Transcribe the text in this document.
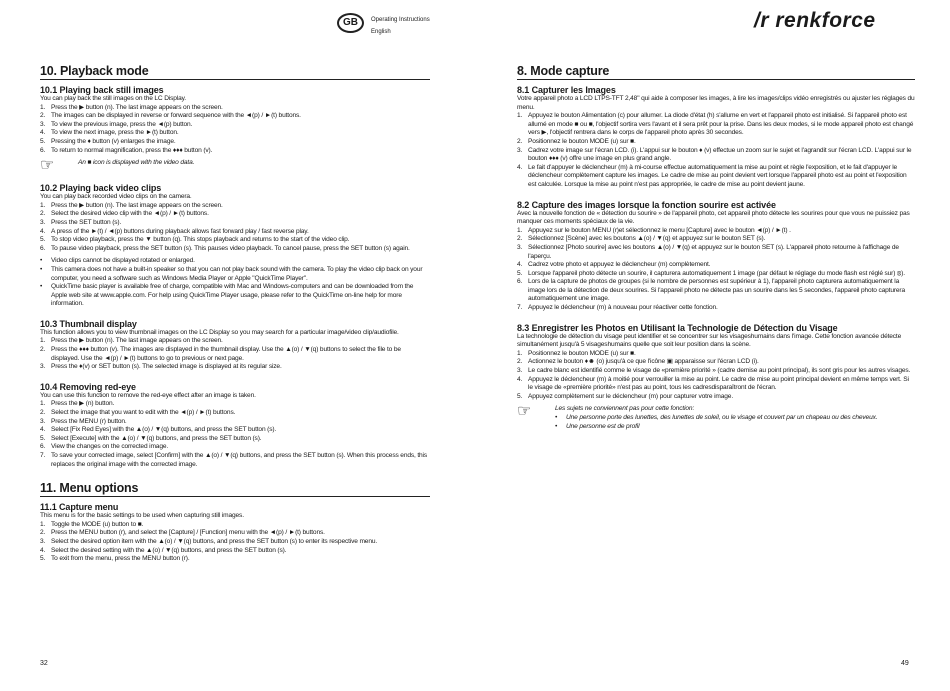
GB	Operating Instructions
English	/r renkforce
10. Playback mode
10.1 Playing back still images
You can play back the still images on the LC Display.
1. Press the ▶ button (n). The last image appears on the screen.
2. The images can be displayed in reverse or forward sequence with the ◄(p) / ►(t) buttons.
3. To view the previous image, press the ◄(p) button.
4. To view the next image, press the ►(t) button.
5. Pressing the ♦ button (v) enlarges the image.
6. To return to normal magnification, press the ♦♦♦ button (v).
☞	An ■ icon is displayed with the video data.
10.2 Playing back video clips
You can play back recorded video clips on the camera.
1. Press the ▶ button (n). The last image appears on the screen.
2. Select the desired video clip with the ◄(p) / ►(t) buttons.
3. Press the SET button (s).
4. A press of the ►(t) / ◄(p) buttons during playback allows fast forward play / fast reverse play.
5. To stop video playback, press the ▼ button (q). This stops playback and returns to the start of the video clip.
6. To pause video playback, press the SET button (s). This pauses video playback. To cancel pause, press the SET button (s) again.
•	Video clips cannot be displayed rotated or enlarged.
•	This camera does not have a built-in speaker so that you can not play back sound with the camera. To play the video clip back on your computer, you need a software such as Windows Media Player or Apple "QuickTime Player".
•	QuickTime basic player is available free of charge, compatible with Mac and Windows-computers and can be downloaded from the Apple web site at www.apple.com. For help using QuickTime Player usage, please refer to the QuickTime on-line help for more information.
10.3 Thumbnail display
This function allows you to view thumbnail images on the LC Display so you may search for a particular image/video clip/audiofile.
1. Press the ▶ button (n). The last image appears on the screen.
2. Press the ♦♦♦ button (v). The images are displayed in the thumbnail display. Use the ▲(o) / ▼(q) buttons to select the file to be displayed. Use the ◄(p) / ►(t) buttons to go to previous or next page.
3. Press the ♦(v) or SET button (s). The selected image is displayed at its regular size.
10.4 Removing red-eye
You can use this function to remove the red-eye effect after an image is taken.
1. Press the ▶ (n) button.
2. Select the image that you want to edit with the ◄(p) / ►(t) buttons.
3. Press the MENU (r) button.
4. Select [Fix Red Eyes] with the ▲(o) / ▼(q) buttons, and press the SET button (s).
5. Select [Execute] with the ▲(o) / ▼(q) buttons, and press the SET button (s).
6. View the changes on the corrected image.
7. To save your corrected image, select [Confirm] with the ▲(o) / ▼(q) buttons, and press the SET button (s). When this process ends, this replaces the original image with the corrected image.
11. Menu options
11.1 Capture menu
This menu is for the basic settings to be used when capturing still images.
1. Toggle the MODE (u) button to ■.
2. Press the MENU button (r), and select the [Capture] / [Function] menu with the ◄(p) / ►(t) buttons.
3. Select the desired option item with the ▲(o) / ▼(q) buttons, and press the SET button (s) to enter its respective menu.
4. Select the desired setting with the ▲(o) / ▼(q) buttons, and press the SET button (s).
5. To exit from the menu, press the MENU button (r).
32
8. Mode capture
8.1 Capturer les Images
Votre appareil photo a LCD LTPS-TFT 2,48" qui aide à composer les images, à lire les images/clips vidéo enregistrés ou ajuster les réglages du menu.
1. Appuyez le bouton Alimentation (c) pour allumer. La diode d'état (h) s'allume en vert et l'appareil photo est initialisé. Si l'appareil photo est allumé en mode ■ ou ■, l'objectif sortira vers l'avant et il sera prêt pour la prise. Dans les deux modes, si le mode appareil photo est changé vers ▶, l'objectif rentrera dans le corps de l'appareil photo après 30 secondes.
2. Positionnez le bouton MODE (u) sur ■.
3. Cadrez votre image sur l'écran LCD. (i). L'appui sur le bouton ♦ (v) effectue un zoom sur le sujet et l'agrandit sur l'écran LCD. L'appui sur le bouton ♦♦♦ (v) offre une image en plus grand angle.
4. Le fait d'appuyer le déclencheur (m) à mi-course effectue automatiquement la mise au point et règle l'exposition, et le fait d'appuyer le déclencheur complètement capture les images. Le cadre de mise au point devient vert lorsque l'appareil photo est au point et l'exposition est calculée. Lorsque la mise au point n'est pas appropriée, le cadre de mise au point devient jaune.
8.2 Capture des images lorsque la fonction sourire est activée
Avec la nouvelle fonction de « détection du sourire » de l'appareil photo, cet appareil photo détecte les sourires pour que vous ne puissiez pas manquer ces moments spéciaux de la vie.
1. Appuyez sur le bouton MENU (r)et sélectionnez le menu [Capture] avec le bouton ◄(p) / ►(t) .
2. Sélectionnez [Scène] avec les boutons ▲(o) / ▼(q) et appuyez sur le bouton SET (s).
3. Sélectionnez [Photo sourire] avec les boutons ▲(o) / ▼(q) et appuyez sur le bouton SET (s). L'appareil photo retourne à l'affichage de l'aperçu.
4. Cadrez votre photo et appuyez le déclencheur (m) complètement.
5. Lorsque l'appareil photo détecte un sourire, il capturera automatiquement 1 image (par défaut le réglage du mode flash est réglé sur) ⦻).
6. Lors de la capture de photos de groupes (si le nombre de personnes est supérieur à 1), l'appareil photo capturera automatiquement la image lors de la détection de deux sourires. Si l'appareil photo ne détecte pas un sourire dans les 5 secondes, l'appareil photo capturera automatiquement une image.
7. Appuyez le déclencheur (m) à nouveau pour réactiver cette fonction.
8.3 Enregistrer les Photos en Utilisant la Technologie de Détection du Visage
La technologie de détection du visage peut identifier et se concentrer sur les visageshumains dans l'image. Cette fonction avancée détecte simultanément jusqu'à 5 visageshumains quelle que soit leur position dans la scène.
1. Positionnez le bouton MODE (u) sur ■.
2. Actionnez le bouton ♦☻ (o) jusqu'à ce que l'icône ▣ apparaisse sur l'écran LCD (i).
3. Le cadre blanc est identifié comme le visage de «première priorité » (cadre demise au point principal), ils sont gris pour les autres visages.
4. Appuyez le déclencheur (m) à moitié pour verrouiller la mise au point. Le cadre de mise au point principal devient en même temps vert. Si le visage de «première priorité» n'est pas au point, tous les cadresdisparaîtront de l'écran.
5. Appuyez complètement sur le déclencheur (m) pour capturer votre image.
☞	Les sujets ne conviennent pas pour cette fonction:
•	Une personne porte des lunettes, des lunettes de soleil, ou le visage et couvert par un chapeau ou des cheveux.
•	Une personne est de profil
49
